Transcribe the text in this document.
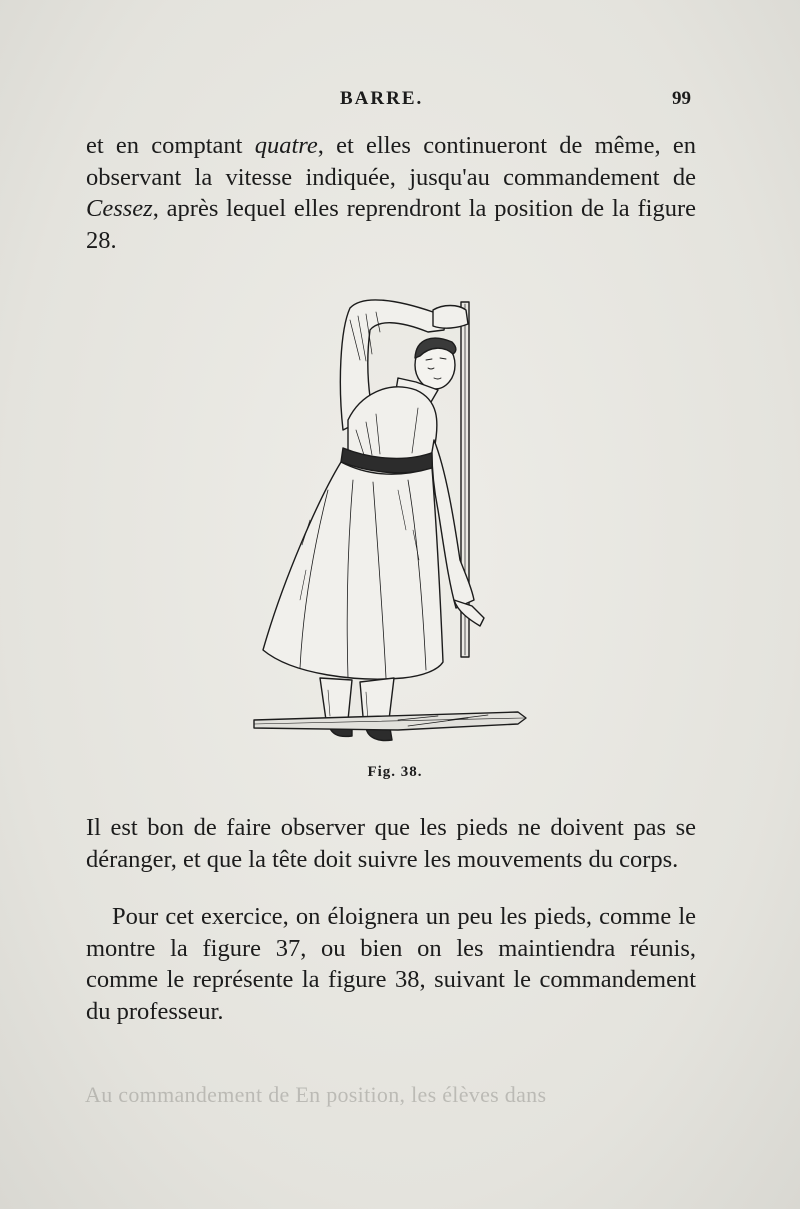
Au commandement de En position, les élèves dans
BARRE.	99

et en comptant quatre, et elles continueront de même, en observant la vitesse indiquée, jusqu'au commandement de Cessez, après lequel elles reprendront la position de la figure 28.

Fig. 38.

Il est bon de faire observer que les pieds ne doivent pas se déranger, et que la tête doit suivre les mouvements du corps.

Pour cet exercice, on éloignera un peu les pieds, comme le montre la figure 37, ou bien on les maintiendra réunis, comme le représente la figure 38, suivant le commandement du professeur.
